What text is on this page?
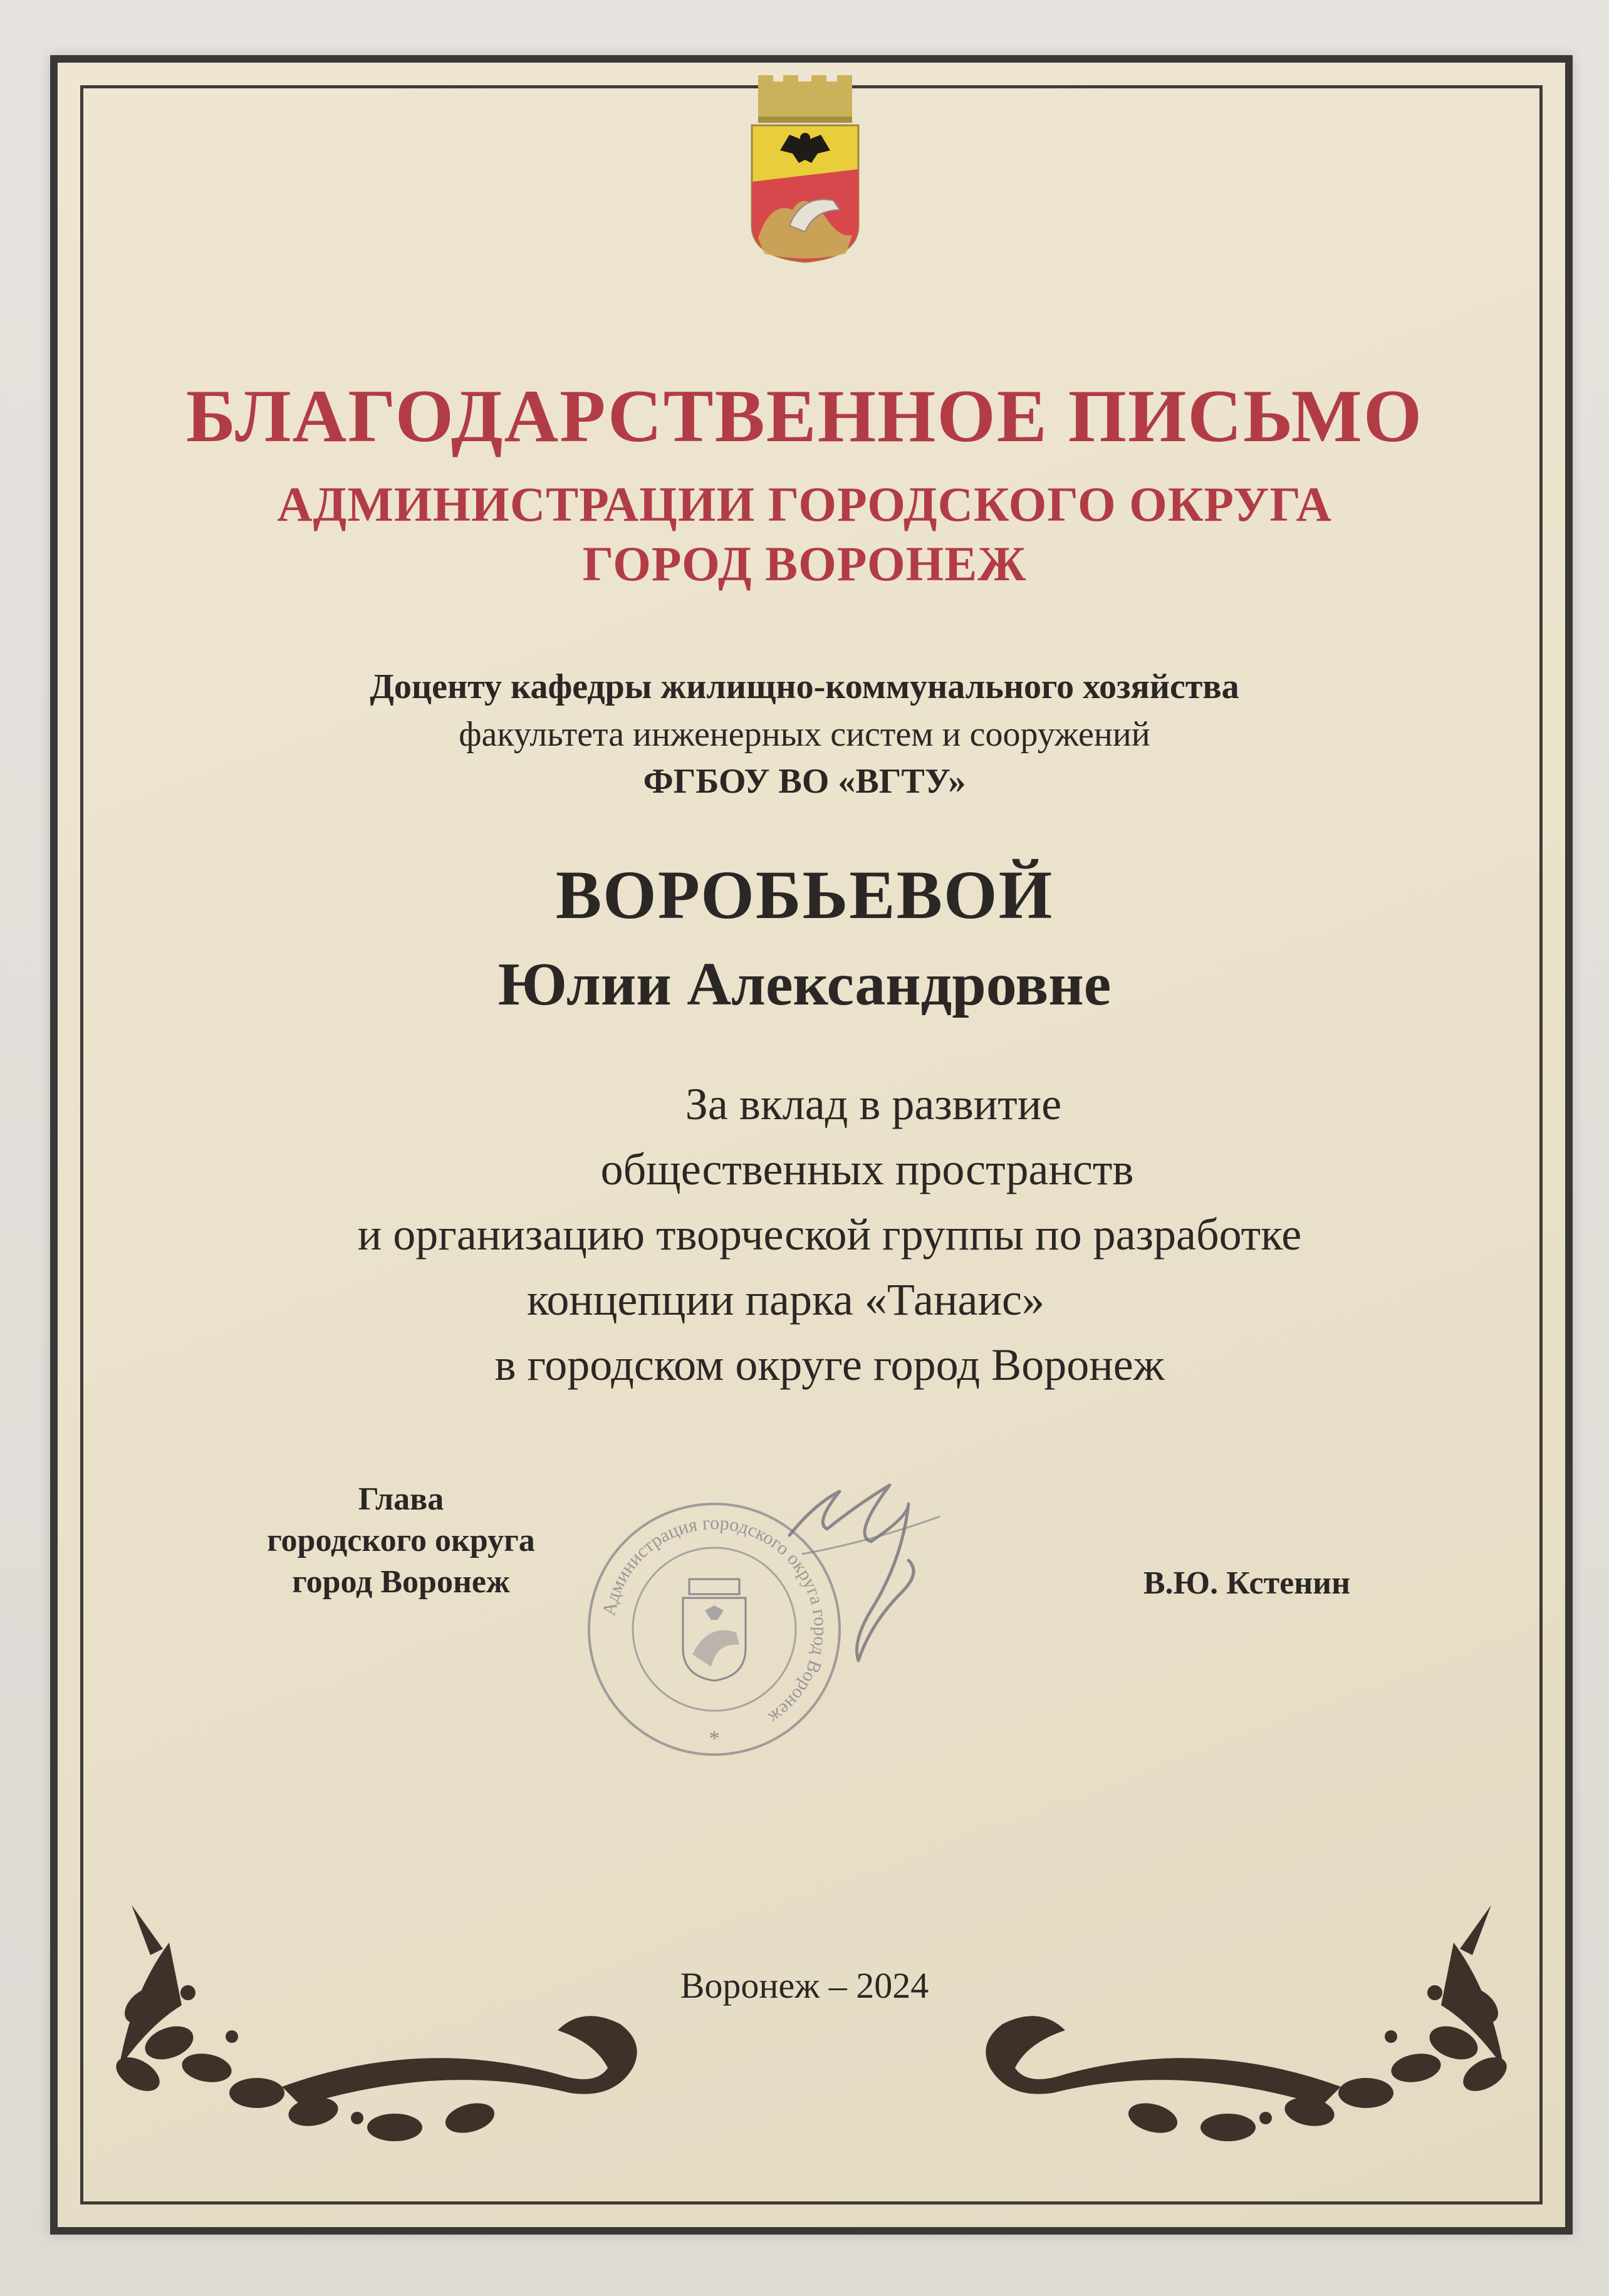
БЛАГОДАРСТВЕННОЕ ПИСЬМО
АДМИНИСТРАЦИИ ГОРОДСКОГО ОКРУГА
ГОРОД ВОРОНЕЖ
Доценту кафедры жилищно-коммунального хозяйства
факультета инженерных систем и сооружений
ФГБОУ ВО «ВГТУ»
ВОРОБЬЕВОЙ
Юлии Александровне
За вклад в развитие
общественных пространств
и организацию творческой группы по разработке
концепции парка «Танаис»
в городском округе город Воронеж
Глава
городского округа
город Воронеж
Администрация городского округа город Воронеж
*
В.Ю. Кстенин
Воронеж – 2024
